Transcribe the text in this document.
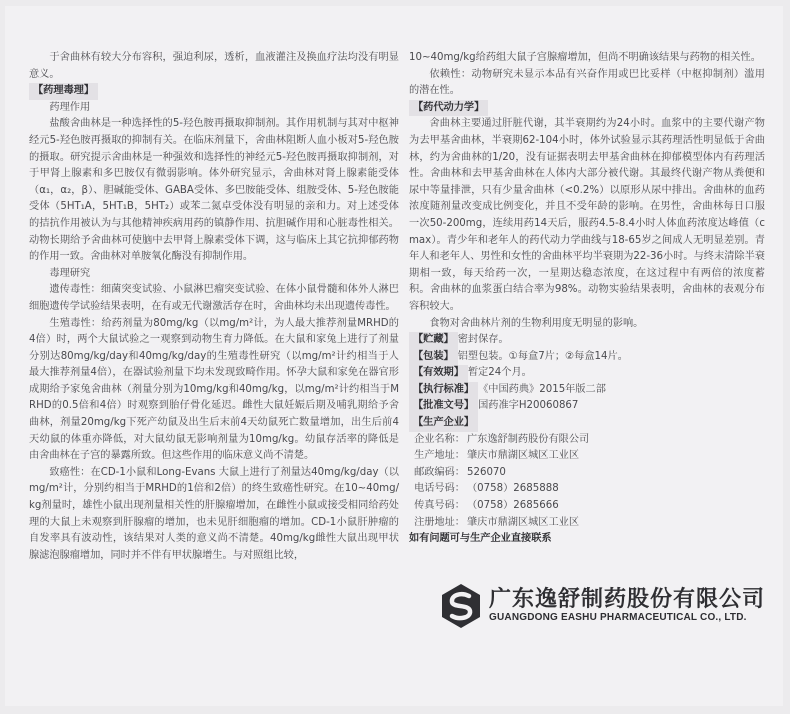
于舍曲林有较大分布容积，强迫利尿，透析，血液灌注及换血疗法均没有明显意义。

【药理毒理】

药理作用

盐酸舍曲林是一种选择性的5-羟色胺再摄取抑制剂。其作用机制与其对中枢神经元5-羟色胺再摄取的抑制有关。在临床剂量下，舍曲林阻断人血小板对5-羟色胺的摄取。研究提示舍曲林是一种强效和选择性的神经元5-羟色胺再摄取抑制剂，对于甲肾上腺素和多巴胺仅有微弱影响。体外研究显示，舍曲林对肾上腺素能受体（α₁，α₂，β）、胆碱能受体、GABA受体、多巴胺能受体、组胺受体、5-羟色胺能受体（5HT₁A，5HT₁B，5HT₂）或苯二氮卓受体没有明显的亲和力。对上述受体的拮抗作用被认为与其他精神疾病用药的镇静作用、抗胆碱作用和心脏毒性相关。动物长期给予舍曲林可使脑中去甲肾上腺素受体下调，这与临床上其它抗抑郁药物的作用一致。舍曲林对单胺氧化酶没有抑制作用。

毒理研究

遗传毒性：细菌突变试验、小鼠淋巴瘤突变试验、在体小鼠骨髓和体外人淋巴细胞遗传学试验结果表明，在有或无代谢激活存在时，舍曲林均未出现遗传毒性。

生殖毒性：给药剂量为80mg/kg（以mg/m²计，为人最大推荐剂量MRHD的4倍）时，两个大鼠试验之一观察到动物生育力降低。在大鼠和家兔上进行了剂量分别达80mg/kg/day和40mg/kg/day的生殖毒性研究（以mg/m²计约相当于人最大推荐剂量4倍），在器试验剂量下均未发现致畸作用。怀孕大鼠和家免在器官形成期给予家兔舍曲林（剂量分别为10mg/kg和40mg/kg，以mg/m²计约相当于MRHD的0.5倍和4倍）时观察到胎仔骨化延迟。雌性大鼠妊娠后期及哺乳期给予舍曲林，剂量20mg/kg下死产幼鼠及出生后末前4天幼鼠死亡数量增加，出生后前4天幼鼠的体重亦降低，对大鼠幼鼠无影响剂量为10mg/kg。幼鼠存活率的降低是由舍曲林在子宫的暴露所致。但这些作用的临床意义尚不清楚。

致癌性：在CD-1小鼠和Long-Evans 大鼠上进行了剂量达40mg/kg/day（以mg/m²计，分别约相当于MRHD的1倍和2倍）的终生致癌性研究。在10~40mg/kg剂量时，雄性小鼠出现剂量相关性的肝腺瘤增加，在雌性小鼠或接受相同给药处理的大鼠上未观察到肝腺瘤的增加，也未见肝细胞瘤的增加。CD-1小鼠肝肿瘤的自发率具有波动性，该结果对人类的意义尚不清楚。40mg/kg雌性大鼠出现甲状腺滤泡腺瘤增加，同时并不伴有甲状腺增生。与对照组比较，

10~40mg/kg给药组大鼠子宫腺瘤增加，但尚不明确该结果与药物的相关性。

依赖性：动物研究未显示本品有兴奋作用或巴比妥样（中枢抑制剂）滥用的潜在性。

【药代动力学】

舍曲林主要通过肝脏代谢，其半衰期约为24小时。血浆中的主要代谢产物为去甲基舍曲林，半衰期62-104小时，体外试验显示其药理活性明显低于舍曲林，约为舍曲林的1/20，没有证据表明去甲基舍曲林在抑郁模型体内有药理活性。舍曲林和去甲基舍曲林在人体内大部分被代谢。其最终代谢产物从粪便和尿中等量排泄，只有少量舍曲林（<0.2%）以原形从尿中排出。舍曲林的血药浓度随剂量改变成比例变化，并且不受年龄的影响。在男性，舍曲林每日口服一次50-200mg，连续用药14天后，服药4.5-8.4小时人体血药浓度达峰值（cmax）。青少年和老年人的药代动力学曲线与18-65岁之间成人无明显差别。青年人和老年人、男性和女性的舍曲林平均半衰期为22-36小时。与终末清除半衰期相一致，每天给药一次，一星期达稳态浓度，在这过程中有两倍的浓度蓄积。舍曲林的血浆蛋白结合率为98%。动物实验结果表明，舍曲林的表观分布容积较大。

食物对舍曲林片剂的生物利用度无明显的影响。

【贮藏】 密封保存。

【包装】 铝塑包装。①每盒7片；②每盒14片。

【有效期】 暂定24个月。

【执行标准】 《中国药典》2015年版二部

【批准文号】 国药准字H20060867

【生产企业】

企业名称： 广东逸舒制药股份有限公司
生产地址： 肇庆市鼎湖区城区工业区
邮政编码： 526070
电话号码： （0758）2685888
传真号码： （0758）2685666
注册地址： 肇庆市鼎湖区城区工业区

如有问题可与生产企业直接联系

广东逸舒制药股份有限公司
GUANGDONG EASHU PHARMACEUTICAL CO., LTD.
